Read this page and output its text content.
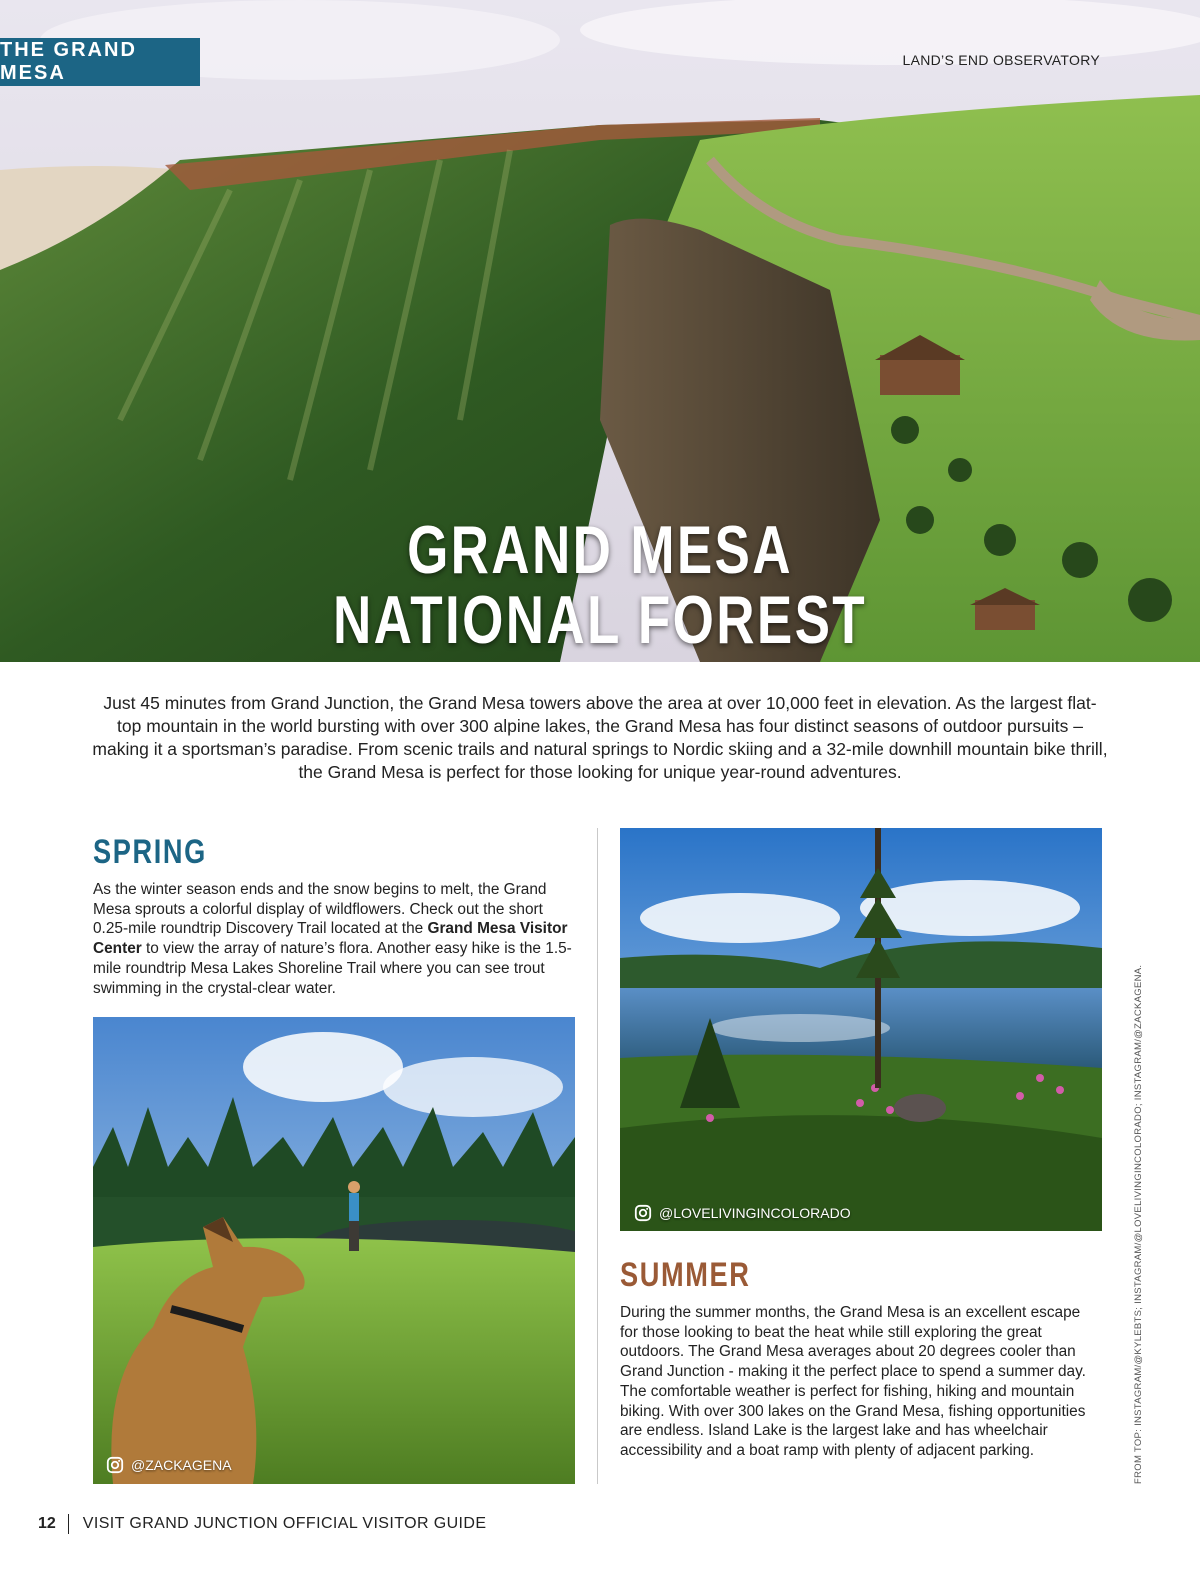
THE GRAND MESA
LAND’S END OBSERVATORY
GRAND MESA
NATIONAL FOREST

Just 45 minutes from Grand Junction, the Grand Mesa towers above the area at over 10,000 feet in elevation. As the largest flat-top mountain in the world bursting with over 300 alpine lakes, the Grand Mesa has four distinct seasons of outdoor pursuits – making it a sportsman’s paradise. From scenic trails and natural springs to Nordic skiing and a 32-mile downhill mountain bike thrill, the Grand Mesa is perfect for those looking for unique year-round adventures.

SPRING

As the winter season ends and the snow begins to melt, the Grand Mesa sprouts a colorful display of wildflowers. Check out the short 0.25-mile roundtrip Discovery Trail located at the Grand Mesa Visitor Center to view the array of nature’s flora. Another easy hike is the 1.5-mile roundtrip Mesa Lakes Shoreline Trail where you can see trout swimming in the crystal-clear water.

@ZACKAGENA
@LOVELIVINGINCOLORADO
SUMMER

During the summer months, the Grand Mesa is an excellent escape for those looking to beat the heat while still exploring the great outdoors. The Grand Mesa averages about 20 degrees cooler than Grand Junction - making it the perfect place to spend a summer day. The comfortable weather is perfect for fishing, hiking and mountain biking. With over 300 lakes on the Grand Mesa, fishing opportunities are endless. Island Lake is the largest lake and has wheelchair accessibility and a boat ramp with plenty of adjacent parking.	FROM TOP: INSTAGRAM/@KYLEBTS; INSTAGRAM/@LOVELIVINGINCOLORADO; INSTAGRAM/@ZACKAGENA.
12 VISIT GRAND JUNCTION OFFICIAL VISITOR GUIDE
